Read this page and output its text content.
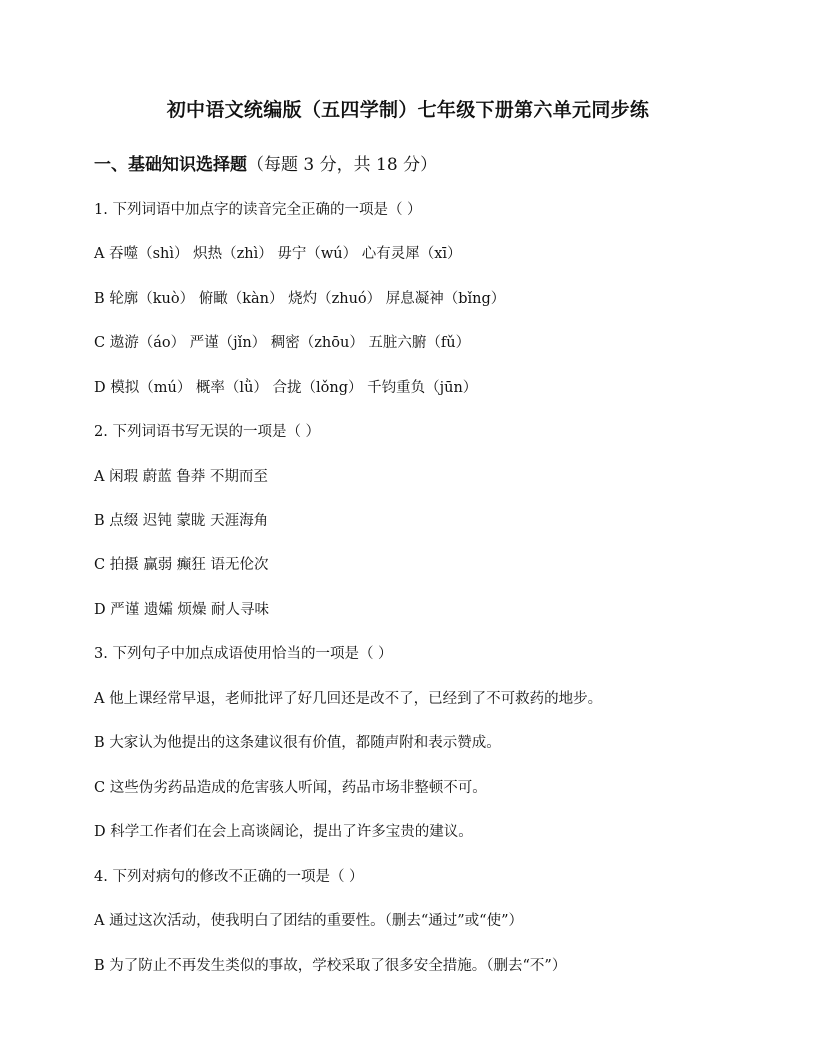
初中语文统编版（五四学制）七年级下册第六单元同步练
一、基础知识选择题（每题 3 分，共 18 分）
1. 下列词语中加点字的读音完全正确的一项是（ ）
A 吞噬（shì） 炽热（zhì） 毋宁（wú） 心有灵犀（xī）
B 轮廓（kuò） 俯瞰（kàn） 烧灼（zhuó） 屏息凝神（bǐng）
C 遨游（áo） 严谨（jǐn） 稠密（zhōu） 五脏六腑（fǔ）
D 模拟（mú） 概率（lǜ） 合拢（lǒng） 千钧重负（jūn）
2. 下列词语书写无误的一项是（ ）
A 闲瑕 蔚蓝 鲁莽 不期而至
B 点缀 迟钝 蒙眬 天涯海角
C 拍摄 赢弱 癫狂 语无伦次
D 严谨 遗孀 烦燥 耐人寻味
3. 下列句子中加点成语使用恰当的一项是（ ）
A 他上课经常早退，老师批评了好几回还是改不了，已经到了不可救药的地步。
B 大家认为他提出的这条建议很有价值，都随声附和表示赞成。
C 这些伪劣药品造成的危害骇人听闻，药品市场非整顿不可。
D 科学工作者们在会上高谈阔论，提出了许多宝贵的建议。
4. 下列对病句的修改不正确的一项是（ ）
A 通过这次活动，使我明白了团结的重要性。（删去“通过”或“使”）
B 为了防止不再发生类似的事故，学校采取了很多安全措施。（删去“不”）
